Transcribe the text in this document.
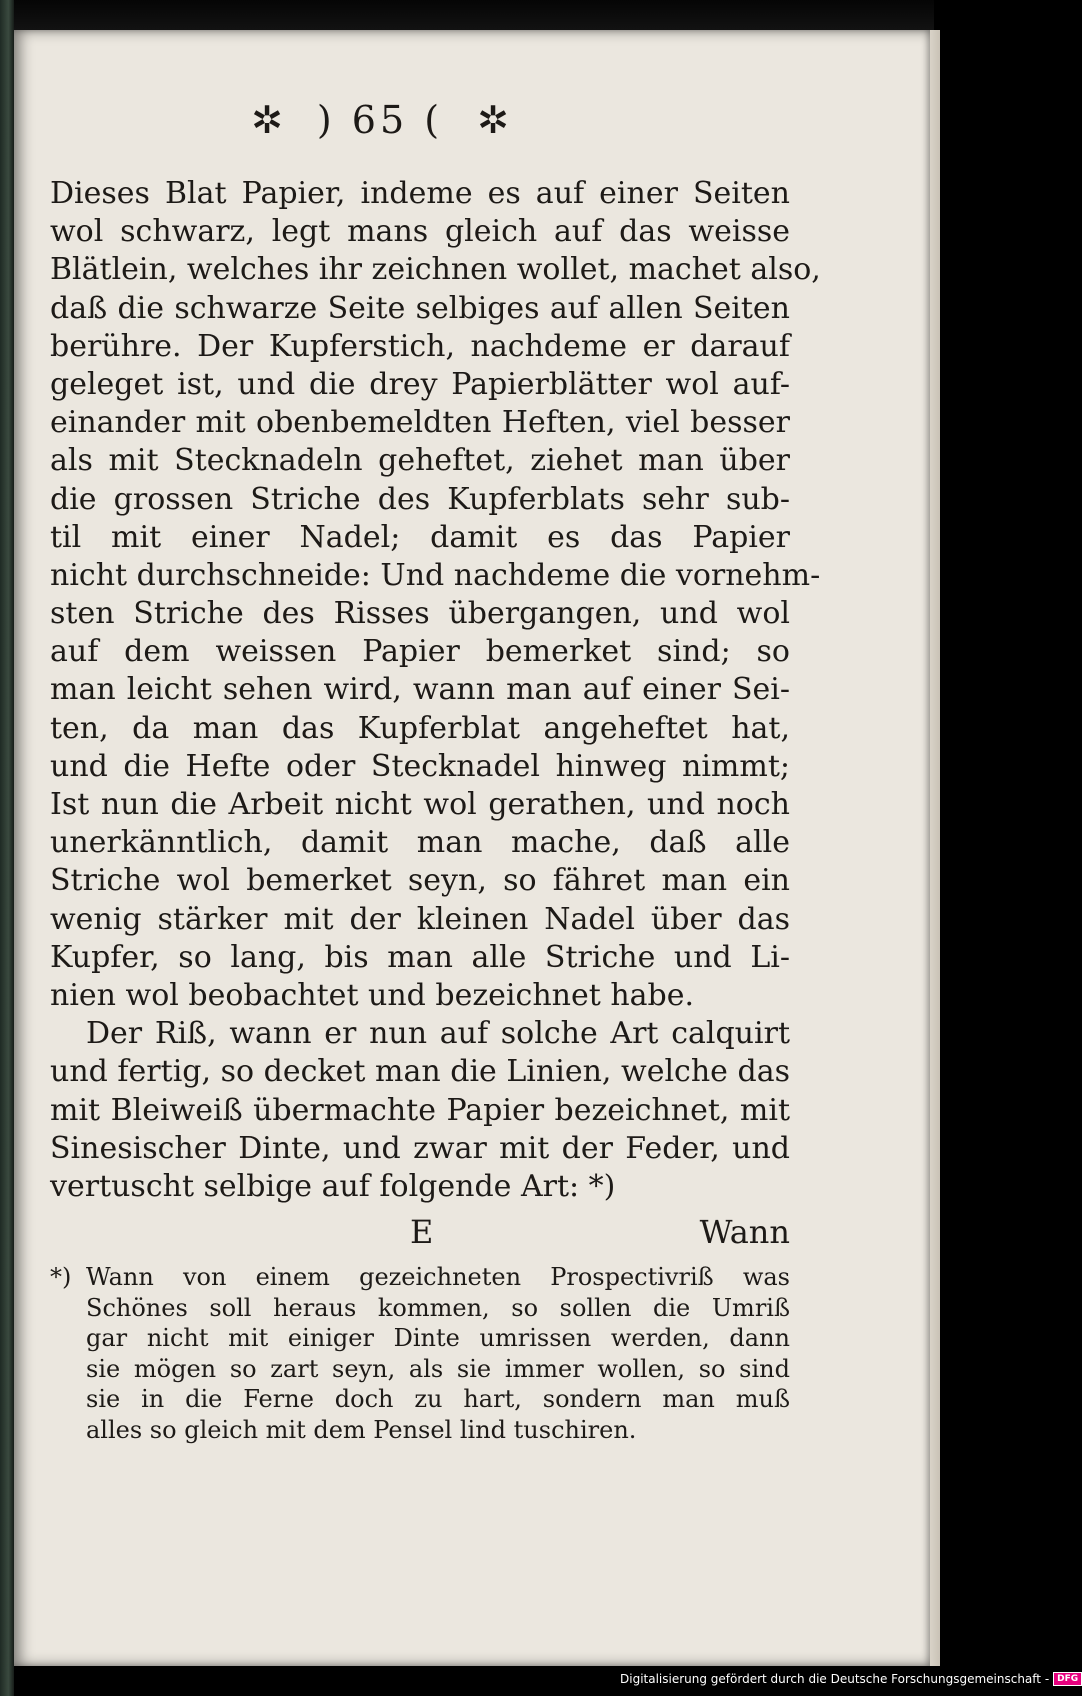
✲ ) 65 ( ✲
Dieses Blat Papier, indeme es auf einer Seiten
wol schwarz, legt mans gleich auf das weisse
Blätlein, welches ihr zeichnen wollet, machet also,
daß die schwarze Seite selbiges auf allen Seiten
berühre. Der Kupferstich, nachdeme er darauf
geleget ist, und die drey Papierblätter wol auf-
einander mit obenbemeldten Heften, viel besser
als mit Stecknadeln geheftet, ziehet man über
die grossen Striche des Kupferblats sehr sub-
til mit einer Nadel; damit es das Papier
nicht durchschneide: Und nachdeme die vornehm-
sten Striche des Risses übergangen, und wol
auf dem weissen Papier bemerket sind; so
man leicht sehen wird, wann man auf einer Sei-
ten, da man das Kupferblat angeheftet hat,
und die Hefte oder Stecknadel hinweg nimmt;
Ist nun die Arbeit nicht wol gerathen, und noch
unerkänntlich, damit man mache, daß alle
Striche wol bemerket seyn, so fähret man ein
wenig stärker mit der kleinen Nadel über das
Kupfer, so lang, bis man alle Striche und Li-
nien wol beobachtet und bezeichnet habe.
Der Riß, wann er nun auf solche Art calquirt
und fertig, so decket man die Linien, welche das
mit Bleiweiß übermachte Papier bezeichnet, mit
Sinesischer Dinte, und zwar mit der Feder, und
vertuscht selbige auf folgende Art: *)
E	Wann
*) Wann von einem gezeichneten Prospectivriß was
Schönes soll heraus kommen, so sollen die Umriß
gar nicht mit einiger Dinte umrissen werden, dann
sie mögen so zart seyn, als sie immer wollen, so sind
sie in die Ferne doch zu hart, sondern man muß
alles so gleich mit dem Pensel lind tuschiren.
Digitalisierung gefördert durch die Deutsche Forschungsgemeinschaft - DFG
